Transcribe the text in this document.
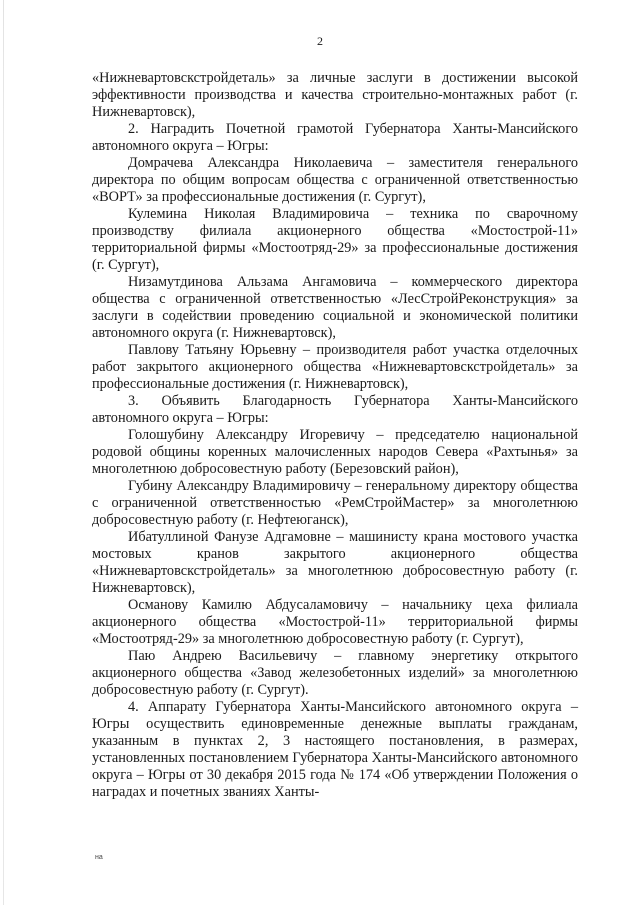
2

«Нижневартовскстройдеталь» за личные заслуги в достижении высокой эффективности производства и качества строительно-монтажных работ (г. Нижневартовск),

2. Наградить Почетной грамотой Губернатора Ханты-Мансийского автономного округа – Югры:

Домрачева Александра Николаевича – заместителя генерального директора по общим вопросам общества с ограниченной ответственностью «ВОРТ» за профессиональные достижения (г. Сургут),

Кулемина Николая Владимировича – техника по сварочному производству филиала акционерного общества «Мостострой-11» территориальной фирмы «Мостоотряд-29» за профессиональные достижения (г. Сургут),

Низамутдинова Альзама Ангамовича – коммерческого директора общества с ограниченной ответственностью «ЛесСтройРеконструкция» за заслуги в содействии проведению социальной и экономической политики автономного округа (г. Нижневартовск),

Павлову Татьяну Юрьевну – производителя работ участка отделочных работ закрытого акционерного общества «Нижневартовскстройдеталь» за профессиональные достижения (г. Нижневартовск),

3. Объявить Благодарность Губернатора Ханты-Мансийского автономного округа – Югры:

Голошубину Александру Игоревичу – председателю национальной родовой общины коренных малочисленных народов Севера «Рахтынья» за многолетнюю добросовестную работу (Березовский район),

Губину Александру Владимировичу – генеральному директору общества с ограниченной ответственностью «РемСтройМастер» за многолетнюю добросовестную работу (г. Нефтеюганск),

Ибатуллиной Фанузе Адгамовне – машинисту крана мостового участка мостовых кранов закрытого акционерного общества «Нижневартовскстройдеталь» за многолетнюю добросовестную работу (г. Нижневартовск),

Османову Камилю Абдусаламовичу – начальнику цеха филиала акционерного общества «Мостострой-11» территориальной фирмы «Мостоотряд-29» за многолетнюю добросовестную работу (г. Сургут),

Паю Андрею Васильевичу – главному энергетику открытого акционерного общества «Завод железобетонных изделий» за многолетнюю добросовестную работу (г. Сургут).

4. Аппарату Губернатора Ханты-Мансийского автономного округа – Югры осуществить единовременные денежные выплаты гражданам, указанным в пунктах 2, 3 настоящего постановления, в размерах, установленных постановлением Губернатора Ханты-Мансийского автономного округа – Югры от 30 декабря 2015 года № 174 «Об утверждении Положения о наградах и почетных званиях Ханты-

на
